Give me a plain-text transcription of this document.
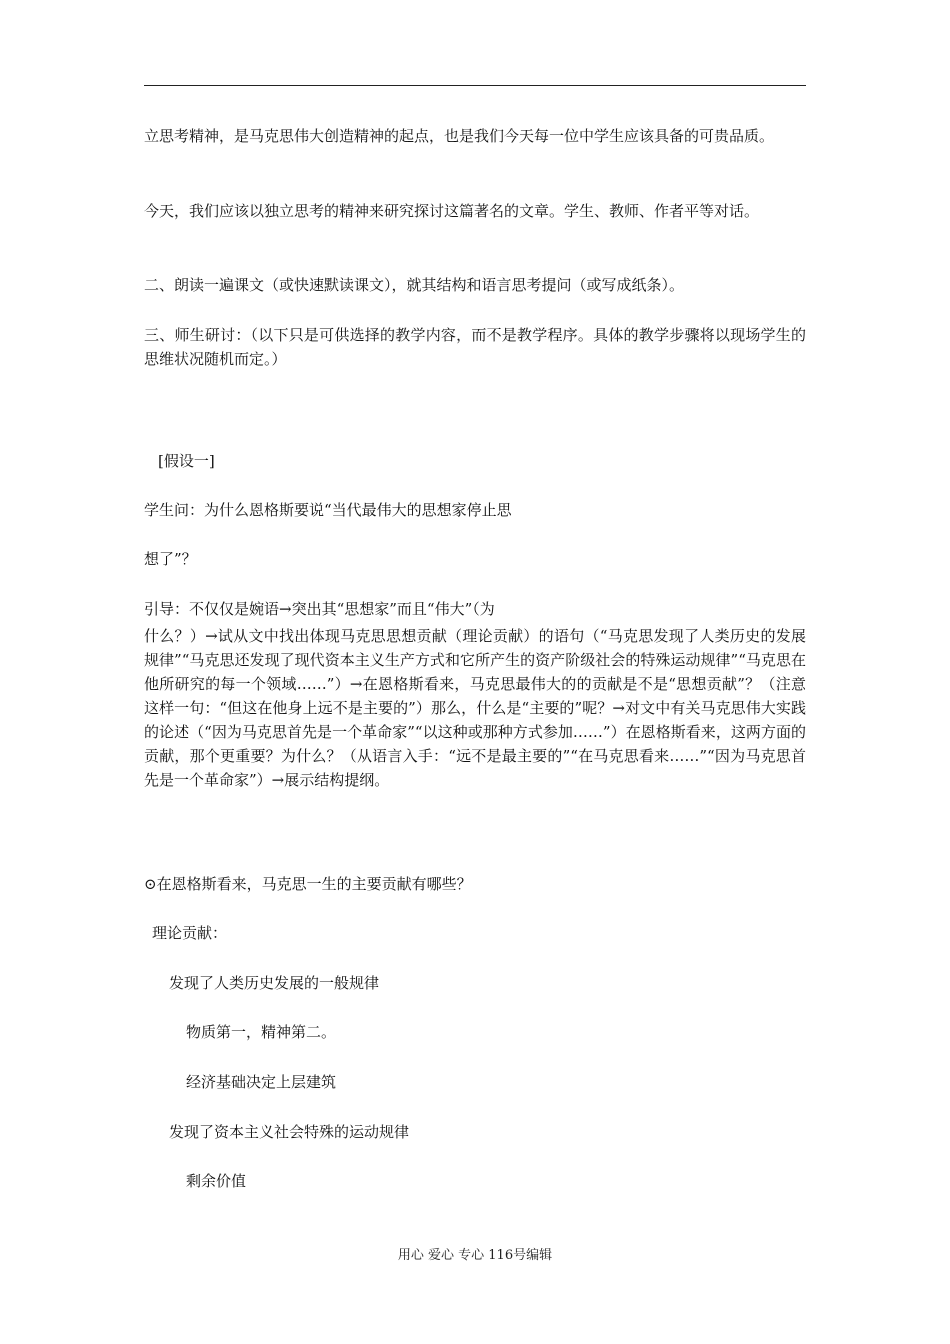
立思考精神，是马克思伟大创造精神的起点，也是我们今天每一位中学生应该具备的可贵品质。
今天，我们应该以独立思考的精神来研究探讨这篇著名的文章。学生、教师、作者平等对话。
二、朗读一遍课文（或快速默读课文），就其结构和语言思考提问（或写成纸条）。
三、师生研讨：（以下只是可供选择的教学内容，而不是教学程序。具体的教学步骤将以现场学生的思维状况随机而定。）
[假设一]
学生问：为什么恩格斯要说“当代最伟大的思想家停止思
想了”？
引导：不仅仅是婉语→突出其“思想家”而且“伟大”（为
什么？）→试从文中找出体现马克思思想贡献（理论贡献）的语句（“马克思发现了人类历史的发展规律”“马克思还发现了现代资本主义生产方式和它所产生的资产阶级社会的特殊运动规律”“马克思在他所研究的每一个领域……”）→在恩格斯看来，马克思最伟大的的贡献是不是“思想贡献”？（注意这样一句：“但这在他身上远不是主要的”）那么，什么是“主要的”呢？→对文中有关马克思伟大实践的论述（“因为马克思首先是一个革命家”“以这种或那种方式参加……”）在恩格斯看来，这两方面的贡献，那个更重要？为什么？（从语言入手：“远不是最主要的”“在马克思看来……”“因为马克思首先是一个革命家”）→展示结构提纲。
⊙在恩格斯看来，马克思一生的主要贡献有哪些？
理论贡献：
发现了人类历史发展的一般规律
物质第一，精神第二。
经济基础决定上层建筑
发现了资本主义社会特殊的运动规律
剩余价值
用心 爱心 专心 116号编辑
